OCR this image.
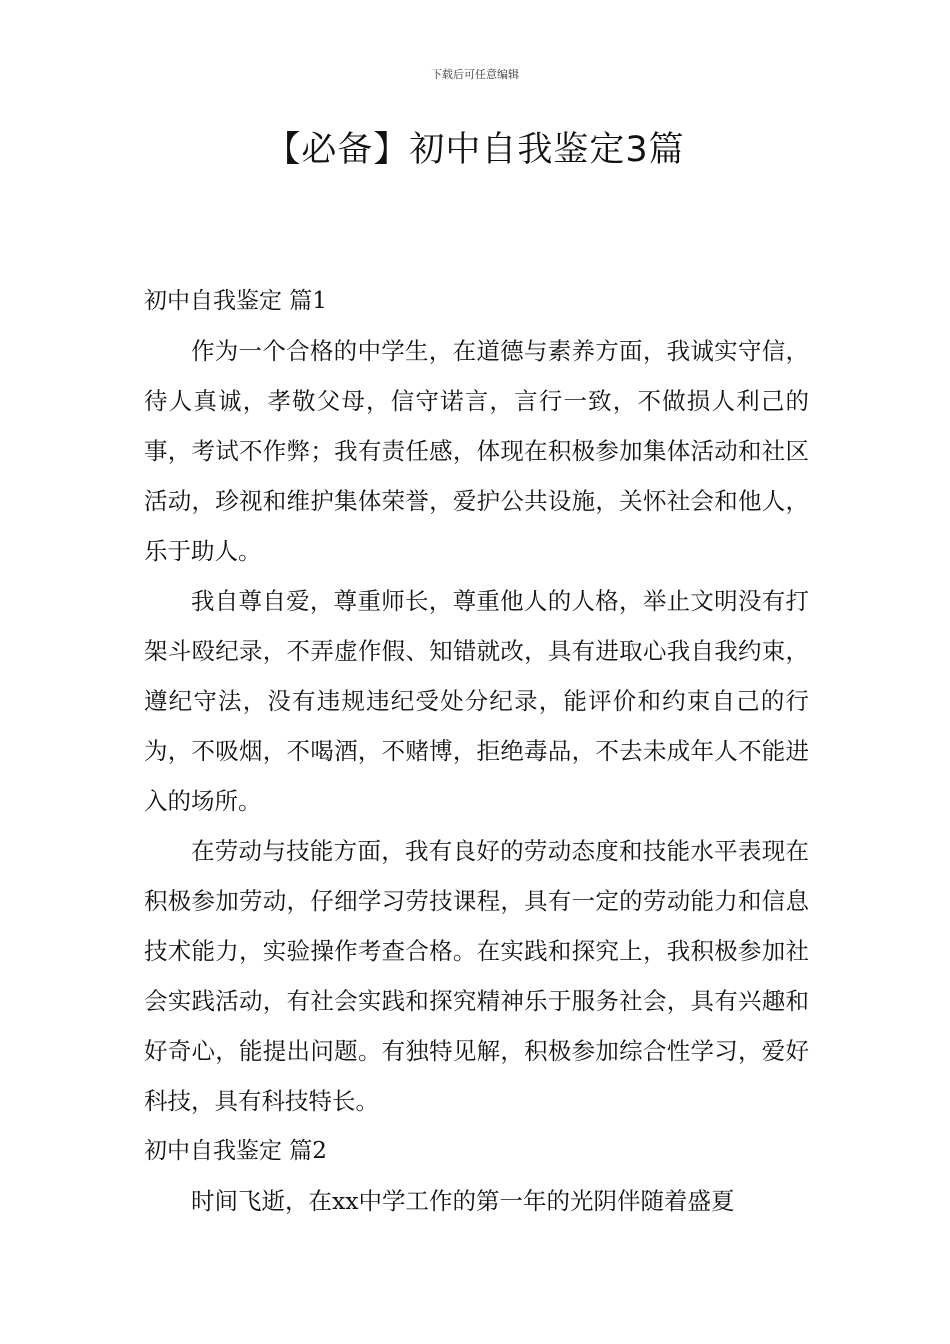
下载后可任意编辑
【必备】初中自我鉴定3篇
初中自我鉴定 篇1

作为一个合格的中学生，在道德与素养方面，我诚实守信，待人真诚，孝敬父母，信守诺言，言行一致，不做损人利己的事，考试不作弊；我有责任感，体现在积极参加集体活动和社区活动，珍视和维护集体荣誉，爱护公共设施，关怀社会和他人，乐于助人。

我自尊自爱，尊重师长，尊重他人的人格，举止文明没有打架斗殴纪录，不弄虚作假、知错就改，具有进取心我自我约束，遵纪守法，没有违规违纪受处分纪录，能评价和约束自己的行为，不吸烟，不喝酒，不赌博，拒绝毒品，不去未成年人不能进入的场所。

在劳动与技能方面，我有良好的劳动态度和技能水平表现在积极参加劳动，仔细学习劳技课程，具有一定的劳动能力和信息技术能力，实验操作考查合格。在实践和探究上，我积极参加社会实践活动，有社会实践和探究精神乐于服务社会，具有兴趣和好奇心，能提出问题。有独特见解，积极参加综合性学习，爱好科技，具有科技特长。

初中自我鉴定 篇2

时间飞逝，在xx中学工作的第一年的光阴伴随着盛夏
